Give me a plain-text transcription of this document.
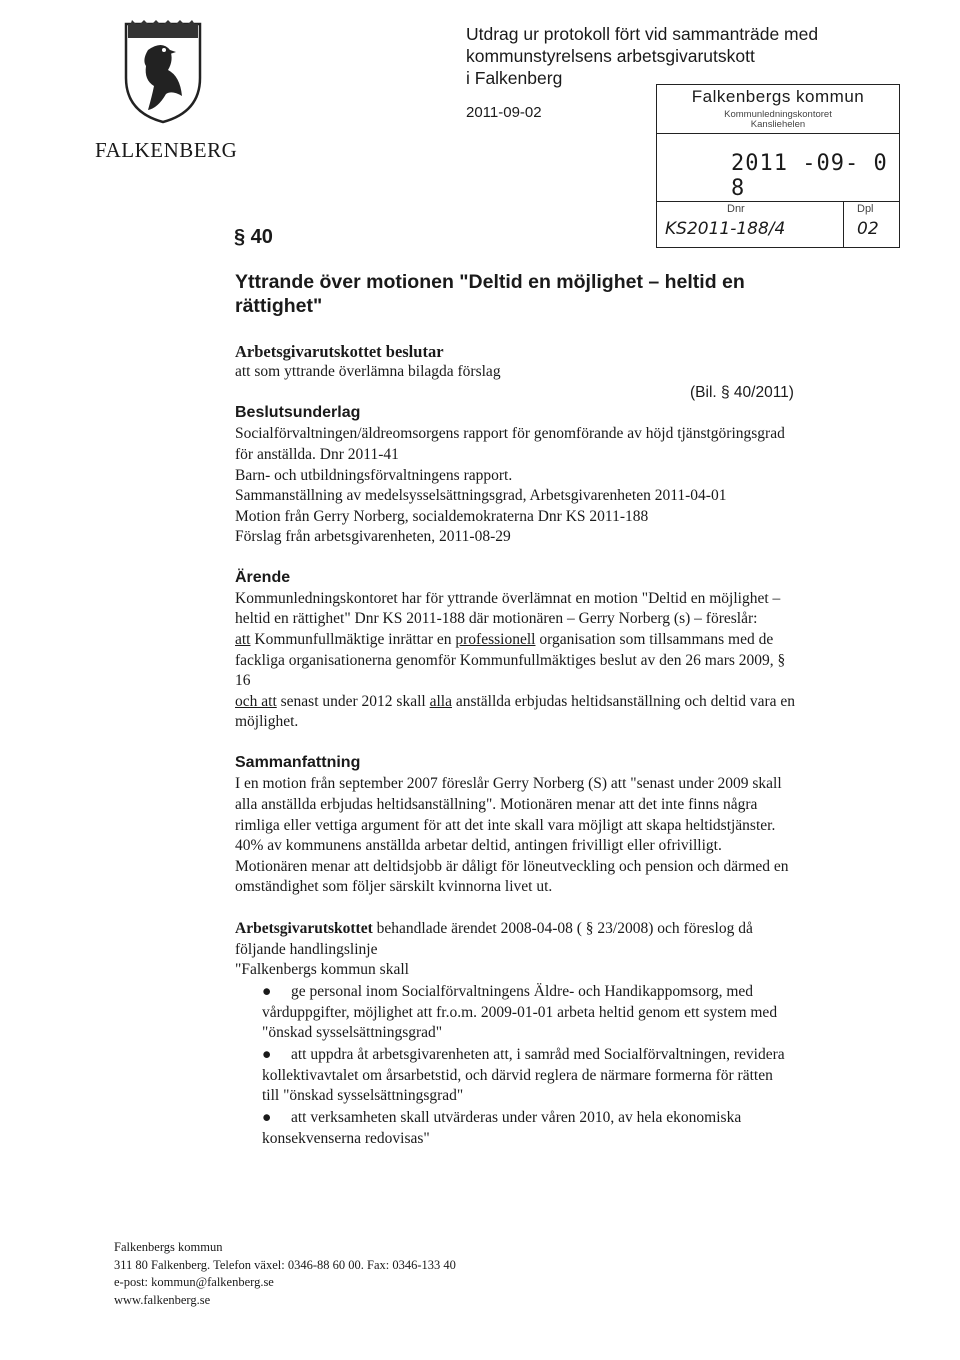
FALKENBERG
Utdrag ur protokoll fört vid sammanträde med
kommunstyrelsens arbetsgivarutskott
i Falkenberg
2011-09-02
Falkenbergs kommun
Kommunledningskontoret
Kansliehelen
2011 -09- 0 8
Dnr	Dpl
KS2011-188/4	02
§ 40
Yttrande över motionen "Deltid en möjlighet – heltid en
rättighet"
Arbetsgivarutskottet beslutar
att som yttrande överlämna bilagda förslag
(Bil. § 40/2011)
Beslutsunderlag
Socialförvaltningen/äldreomsorgens rapport för genomförande av höjd tjänstgöringsgrad
för anställda. Dnr 2011-41
Barn- och utbildningsförvaltningens rapport.
Sammanställning av medelsysselsättningsgrad, Arbetsgivarenheten 2011-04-01
Motion från Gerry Norberg, socialdemokraterna Dnr KS 2011-188
Förslag från arbetsgivarenheten, 2011-08-29
Ärende
Kommunledningskontoret har för yttrande överlämnat en motion "Deltid en möjlighet –
heltid en rättighet" Dnr KS 2011-188 där motionären – Gerry Norberg (s) – föreslår:
att Kommunfullmäktige inrättar en professionell organisation som tillsammans med de
fackliga organisationerna genomför Kommunfullmäktiges beslut av den 26 mars 2009, §
16
och att senast under 2012 skall alla anställda erbjudas heltidsanställning och deltid vara en
möjlighet.
Sammanfattning
I en motion från september 2007 föreslår Gerry Norberg (S) att "senast under 2009 skall
alla anställda erbjudas heltidsanställning". Motionären menar att det inte finns några
rimliga eller vettiga argument för att det inte skall vara möjligt att skapa heltidstjänster.
40% av kommunens anställda arbetar deltid, antingen frivilligt eller ofrivilligt.
Motionären menar att deltidsjobb är dåligt för löneutveckling och pension och därmed en
omständighet som följer särskilt kvinnorna livet ut.
Arbetsgivarutskottet behandlade ärendet 2008-04-08 ( § 23/2008) och föreslog då
följande handlingslinje
"Falkenbergs kommun skall
●	ge personal inom Socialförvaltningens Äldre- och Handikappomsorg, med
vårduppgifter, möjlighet att fr.o.m. 2009-01-01 arbeta heltid genom ett system med
"önskad sysselsättningsgrad"
●	att uppdra åt arbetsgivarenheten att, i samråd med Socialförvaltningen, revidera
kollektivavtalet om årsarbetstid, och därvid reglera de närmare formerna för rätten
till "önskad sysselsättningsgrad"
●	att verksamheten skall utvärderas under våren 2010, av hela ekonomiska
konsekvenserna redovisas"
Falkenbergs kommun
311 80 Falkenberg. Telefon växel: 0346-88 60 00. Fax: 0346-133 40
e-post: kommun@falkenberg.se
www.falkenberg.se
